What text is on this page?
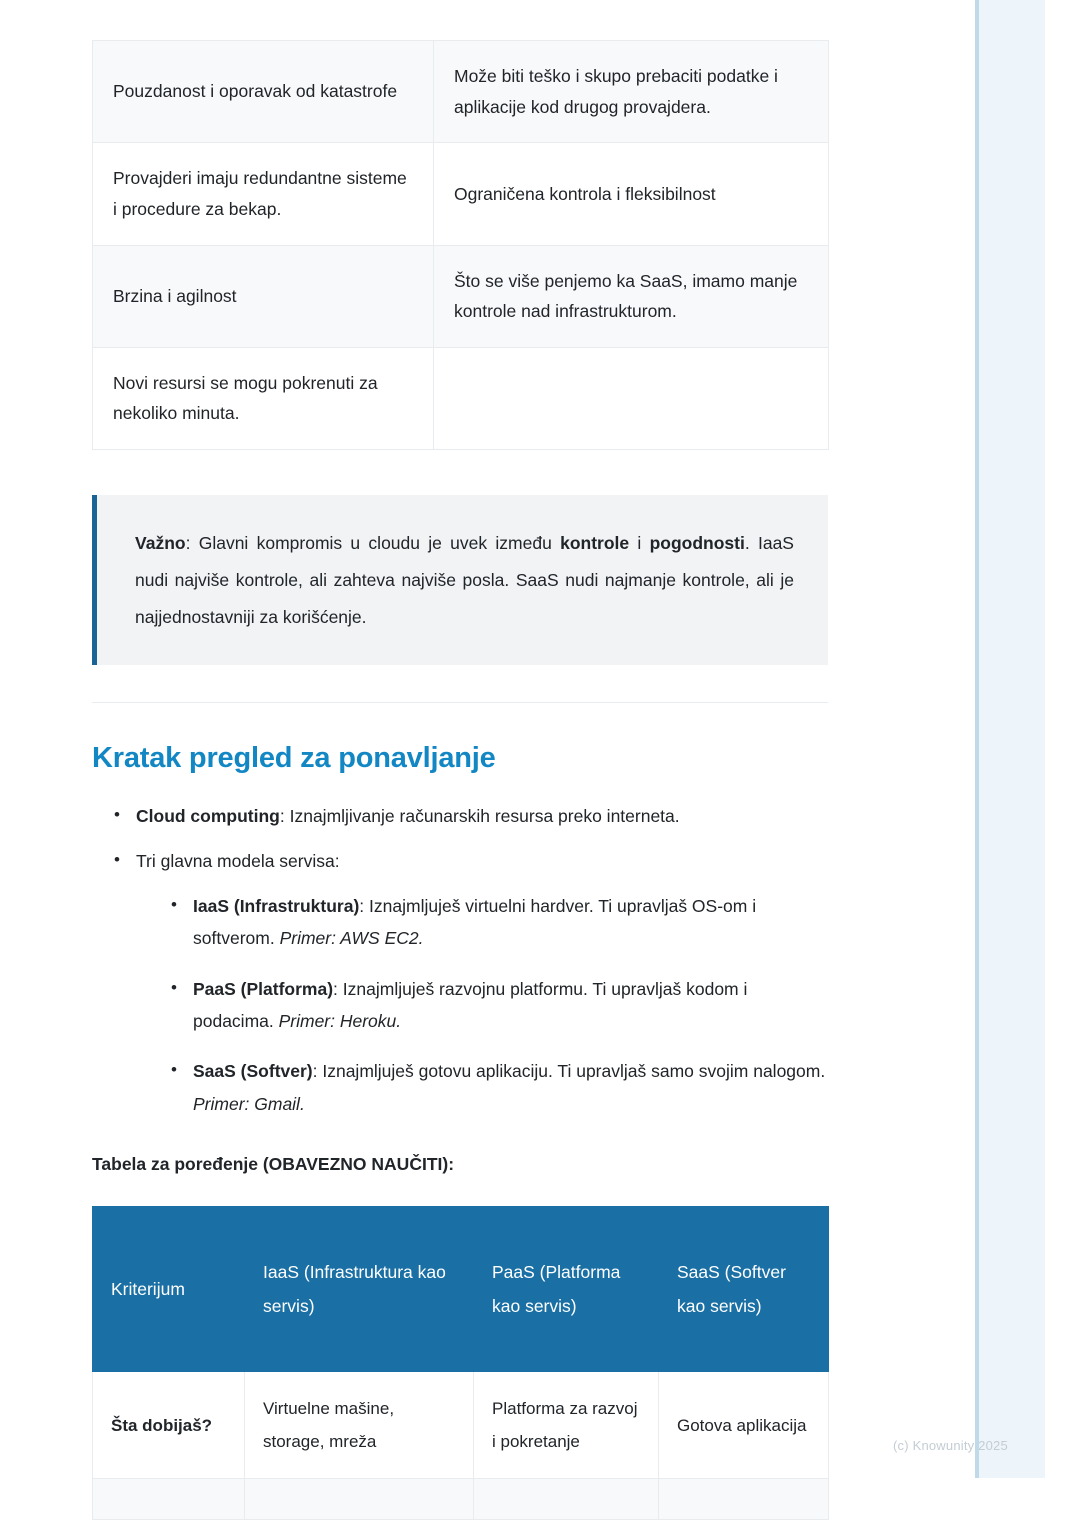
Pouzdanost i oporavak od katastrofe	Može biti teško i skupo prebaciti podatke i aplikacije kod drugog provajdera.
Provajderi imaju redundantne sisteme i procedure za bekap.	Ograničena kontrola i fleksibilnost
Brzina i agilnost	Što se više penjemo ka SaaS, imamo manje kontrole nad infrastrukturom.
Novi resursi se mogu pokrenuti za nekoliko minuta.	

Važno: Glavni kompromis u cloudu je uvek između kontrole i pogodnosti. IaaS nudi najviše kontrole, ali zahteva najviše posla. SaaS nudi najmanje kontrole, ali je najjednostavniji za korišćenje.

Kratak pregled za ponavljanje
• Cloud computing: Iznajmljivanje računarskih resursa preko interneta.
• Tri glavna modela servisa:
• IaaS (Infrastruktura): Iznajmljuješ virtuelni hardver. Ti upravljaš OS-om i softverom. Primer: AWS EC2.
• PaaS (Platforma): Iznajmljuješ razvojnu platformu. Ti upravljaš kodom i podacima. Primer: Heroku.
• SaaS (Softver): Iznajmljuješ gotovu aplikaciju. Ti upravljaš samo svojim nalogom. Primer: Gmail.

Tabela za poređenje (OBAVEZNO NAUČITI):

Kriterijum	IaaS (Infrastruktura kao servis)	PaaS (Platforma kao servis)	SaaS (Softver kao servis)
Šta dobijaš?	Virtuelne mašine, storage, mreža	Platforma za razvoj i pokretanje	Gotova aplikacija

(c) Knowunity 2025
